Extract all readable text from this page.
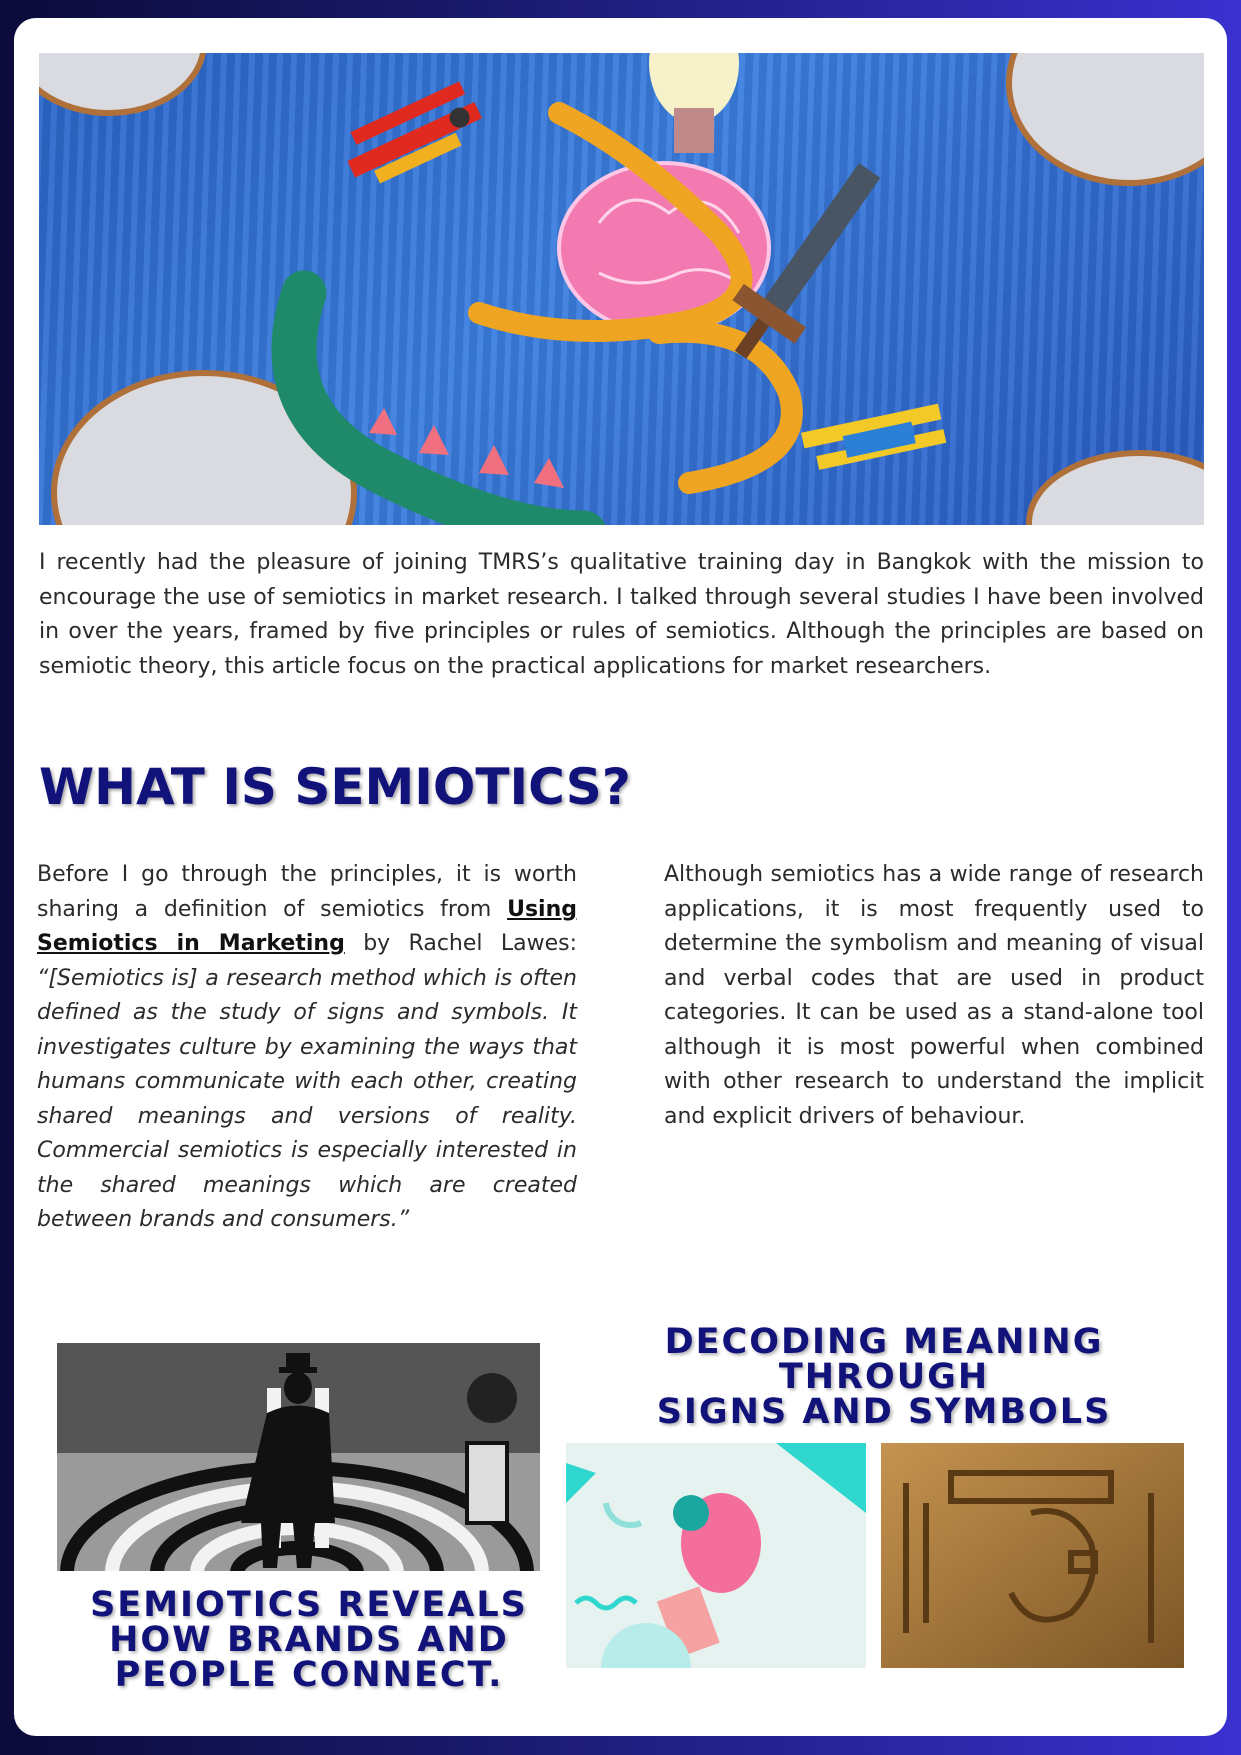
I recently had the pleasure of joining TMRS’s qualitative training day in Bangkok with the mission to encourage the use of semiotics in market research. I talked through several studies I have been involved in over the years, framed by five principles or rules of semiotics. Although the principles are based on semiotic theory, this article focus on the practical applications for market researchers.

WHAT IS SEMIOTICS?
Before I go through the principles, it is worth sharing a definition of semiotics from Using Semiotics in Marketing by Rachel Lawes: “[Semiotics is] a research method which is often defined as the study of signs and symbols. It investigates culture by examining the ways that humans communicate with each other, creating shared meanings and versions of reality. Commercial semiotics is especially interested in the shared meanings which are created between brands and consumers.”
Although semiotics has a wide range of research applications, it is most frequently used to determine the symbolism and meaning of visual and verbal codes that are used in product categories. It can be used as a stand-alone tool although it is most powerful when combined with other research to understand the implicit and explicit drivers of behaviour.
DECODING MEANING
THROUGH
SIGNS AND SYMBOLS
SEMIOTICS REVEALS
HOW BRANDS AND
PEOPLE CONNECT.
